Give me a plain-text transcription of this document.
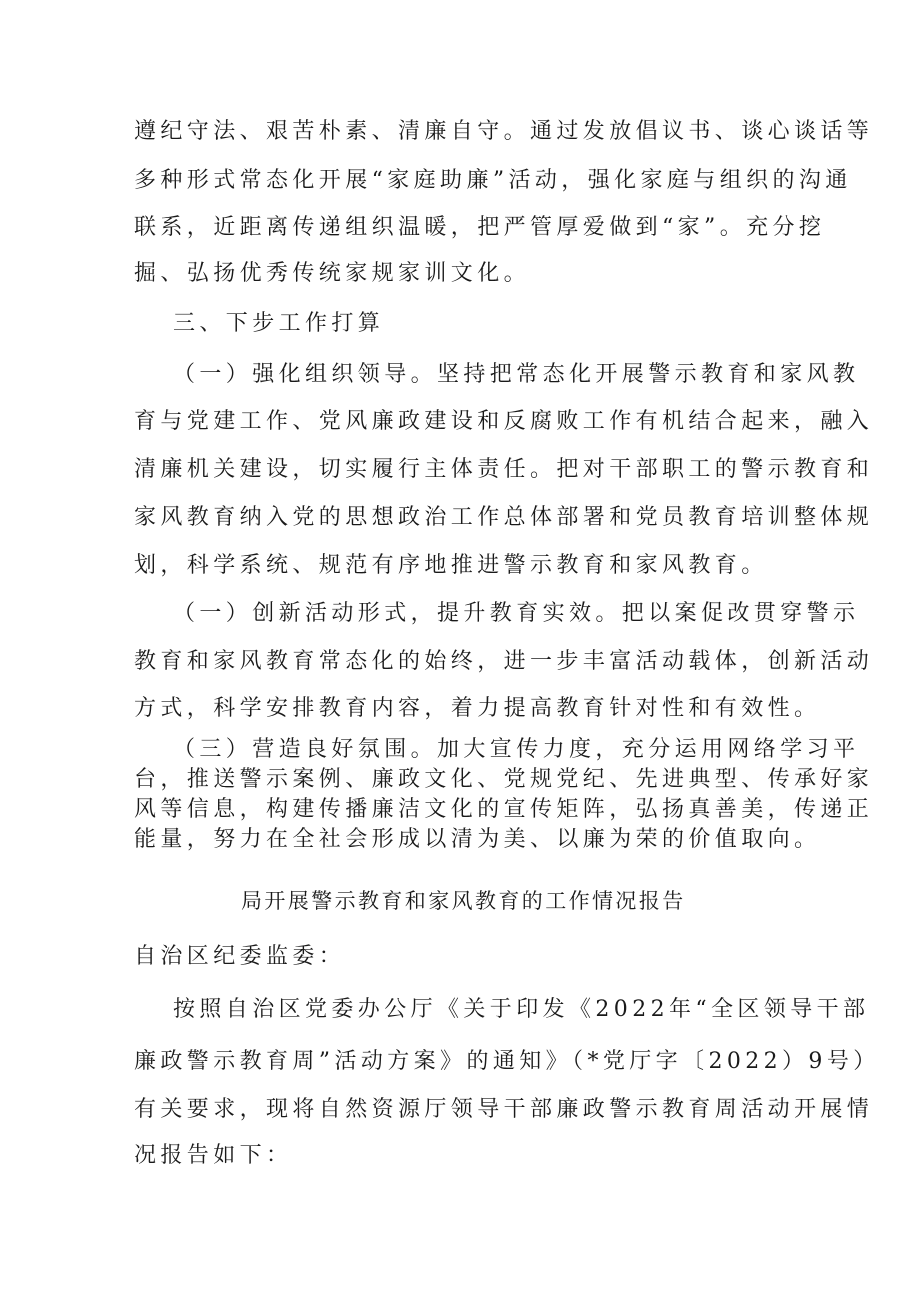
遵纪守法、艰苦朴素、清廉自守。通过发放倡议书、谈心谈话等
多种形式常态化开展“家庭助廉”活动，强化家庭与组织的沟通
联系，近距离传递组织温暖，把严管厚爱做到“家”。充分挖
掘、弘扬优秀传统家规家训文化。
三、下步工作打算
（一）强化组织领导。坚持把常态化开展警示教育和家风教
育与党建工作、党风廉政建设和反腐败工作有机结合起来，融入
清廉机关建设，切实履行主体责任。把对干部职工的警示教育和
家风教育纳入党的思想政治工作总体部署和党员教育培训整体规
划，科学系统、规范有序地推进警示教育和家风教育。
（一）创新活动形式，提升教育实效。把以案促改贯穿警示
教育和家风教育常态化的始终，进一步丰富活动载体，创新活动
方式，科学安排教育内容，着力提高教育针对性和有效性。
（三）营造良好氛围。加大宣传力度，充分运用网络学习平
台，推送警示案例、廉政文化、党规党纪、先进典型、传承好家
风等信息，构建传播廉洁文化的宣传矩阵，弘扬真善美，传递正
能量，努力在全社会形成以清为美、以廉为荣的价值取向。
局开展警示教育和家风教育的工作情况报告
自治区纪委监委：
按照自治区党委办公厅《关于印发《2022年“全区领导干部
廉政警示教育周”活动方案》的通知》（*党厅字〔2022）9号）
有关要求，现将自然资源厅领导干部廉政警示教育周活动开展情
况报告如下：
